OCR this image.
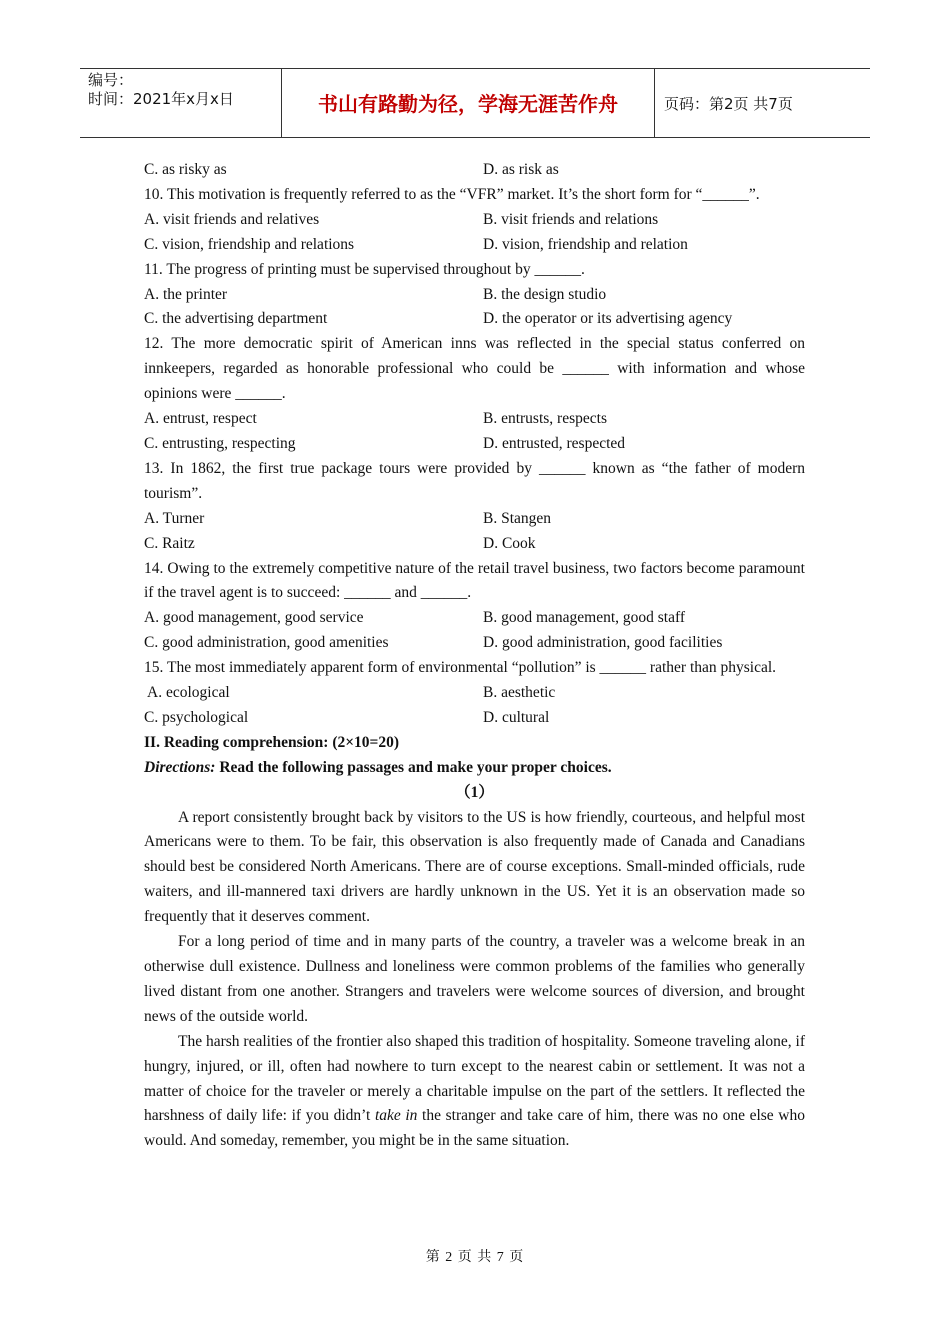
编号：
时间：2021年x月x日	书山有路勤为径，学海无涯苦作舟	页码：第2页 共7页
C. as risky as	D. as risk as

10. This motivation is frequently referred to as the “VFR” market. It’s the short form for “______”.

A. visit friends and relatives	B. visit friends and relations
C. vision, friendship and relations	D. vision, friendship and relation

11. The progress of printing must be supervised throughout by ______.

A. the printer	B. the design studio
C. the advertising department	D. the operator or its advertising agency

12. The more democratic spirit of American inns was reflected in the special status conferred on innkeepers, regarded as honorable professional who could be ______ with information and whose opinions were ______.

A. entrust, respect	B. entrusts, respects
C. entrusting, respecting	D. entrusted, respected

13. In 1862, the first true package tours were provided by ______ known as “the father of modern tourism”.

A. Turner	B. Stangen
C. Raitz	D. Cook

14. Owing to the extremely competitive nature of the retail travel business, two factors become paramount if the travel agent is to succeed: ______ and ______.

A. good management, good service	B. good management, good staff
C. good administration, good amenities	D. good administration, good facilities

15. The most immediately apparent form of environmental “pollution” is ______ rather than physical.

A. ecological	B. aesthetic
C. psychological	D. cultural

II. Reading comprehension: (2×10=20)

Directions: Read the following passages and make your proper choices.

（1）

A report consistently brought back by visitors to the US is how friendly, courteous, and helpful most Americans were to them. To be fair, this observation is also frequently made of Canada and Canadians should best be considered North Americans. There are of course exceptions. Small-minded officials, rude waiters, and ill-mannered taxi drivers are hardly unknown in the US. Yet it is an observation made so frequently that it deserves comment.

For a long period of time and in many parts of the country, a traveler was a welcome break in an otherwise dull existence. Dullness and loneliness were common problems of the families who generally lived distant from one another. Strangers and travelers were welcome sources of diversion, and brought news of the outside world.

The harsh realities of the frontier also shaped this tradition of hospitality. Someone traveling alone, if hungry, injured, or ill, often had nowhere to turn except to the nearest cabin or settlement. It was not a matter of choice for the traveler or merely a charitable impulse on the part of the settlers. It reflected the harshness of daily life: if you didn’t take in the stranger and take care of him, there was no one else who would. And someday, remember, you might be in the same situation.

第 2 页 共 7 页
